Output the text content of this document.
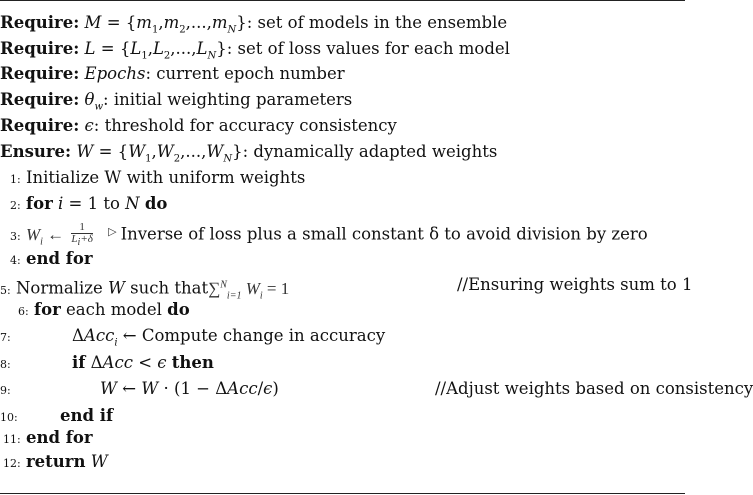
Require: $M = \{m_1,m_2,...,m_N\}$: set of models in the ensemble
Require: $L = \{L_1,L_2,...,L_N\}$: set of loss values for each model
Require: Epochs: current epoch number
Require: $\theta_w$: initial weighting parameters
Require: ϵ: threshold for accuracy consistency
Ensure: $W = \{W_1,W_2,...,W_N\}$: dynamically adapted weights
1: Initialize W with uniform weights
2: for i = 1 to N do
3: $W_i$ ← $\frac{1}{L_i+\delta} ^▷$ Inverse of loss plus a small constant δ to avoid division by zero
4: end for
5: Normalize W such that∑$^N_{i=1}$ $W_i = 1$	//Ensuring weights sum to 1
6: for each model do
7:	ΔAcc$_i$ ← Compute change in accuracy
8:	if ΔAcc < ϵ then
9:	W ← W · (1 − ΔAcc/ϵ)	//Adjust weights based on consistency
10:	end if
11: end for
12: return W
